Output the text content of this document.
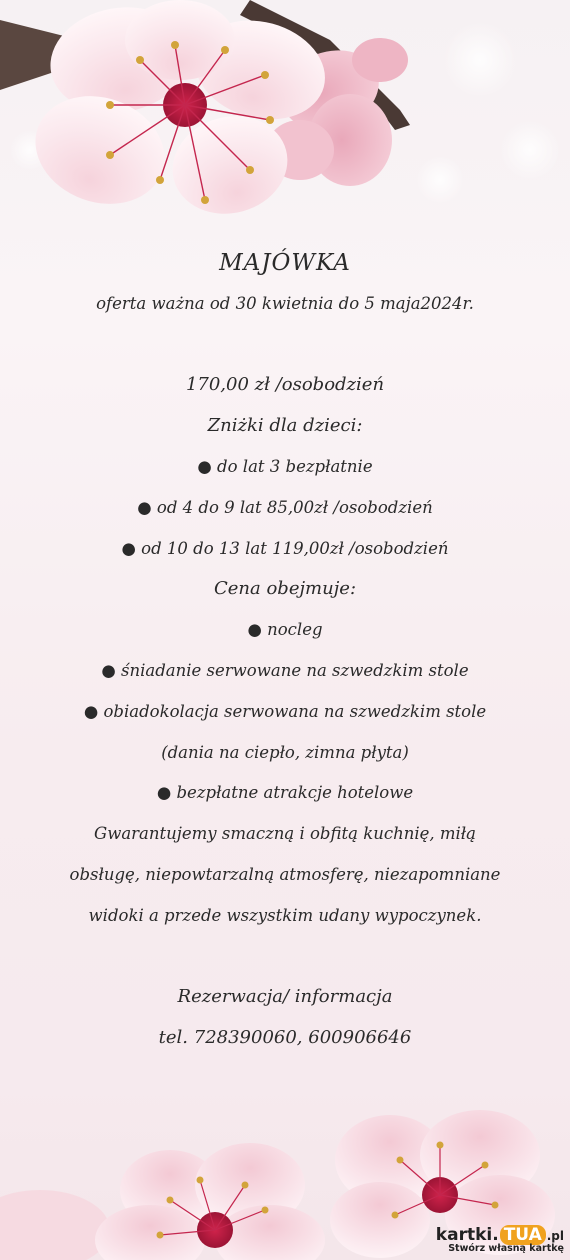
MAJÓWKA
oferta ważna od 30 kwietnia do 5 maja2024r.
170,00 zł /osobodzień
Zniżki dla dzieci:
● do lat 3 bezpłatnie
● od 4 do 9 lat 85,00zł /osobodzień
● od 10 do 13 lat 119,00zł /osobodzień
Cena obejmuje:
● nocleg
● śniadanie serwowane na szwedzkim stole
● obiadokolacja serwowana na szwedzkim stole
(dania na ciepło, zimna płyta)
● bezpłatne atrakcje hotelowe
Gwarantujemy smaczną i obfitą kuchnię, miłą
obsługę, niepowtarzalną atmosferę, niezapomniane
widoki a przede wszystkim udany wypoczynek.
Rezerwacja/ informacja
tel. 728390060, 600906646
kartki. TUA .pl
Stwórz własną kartkę
